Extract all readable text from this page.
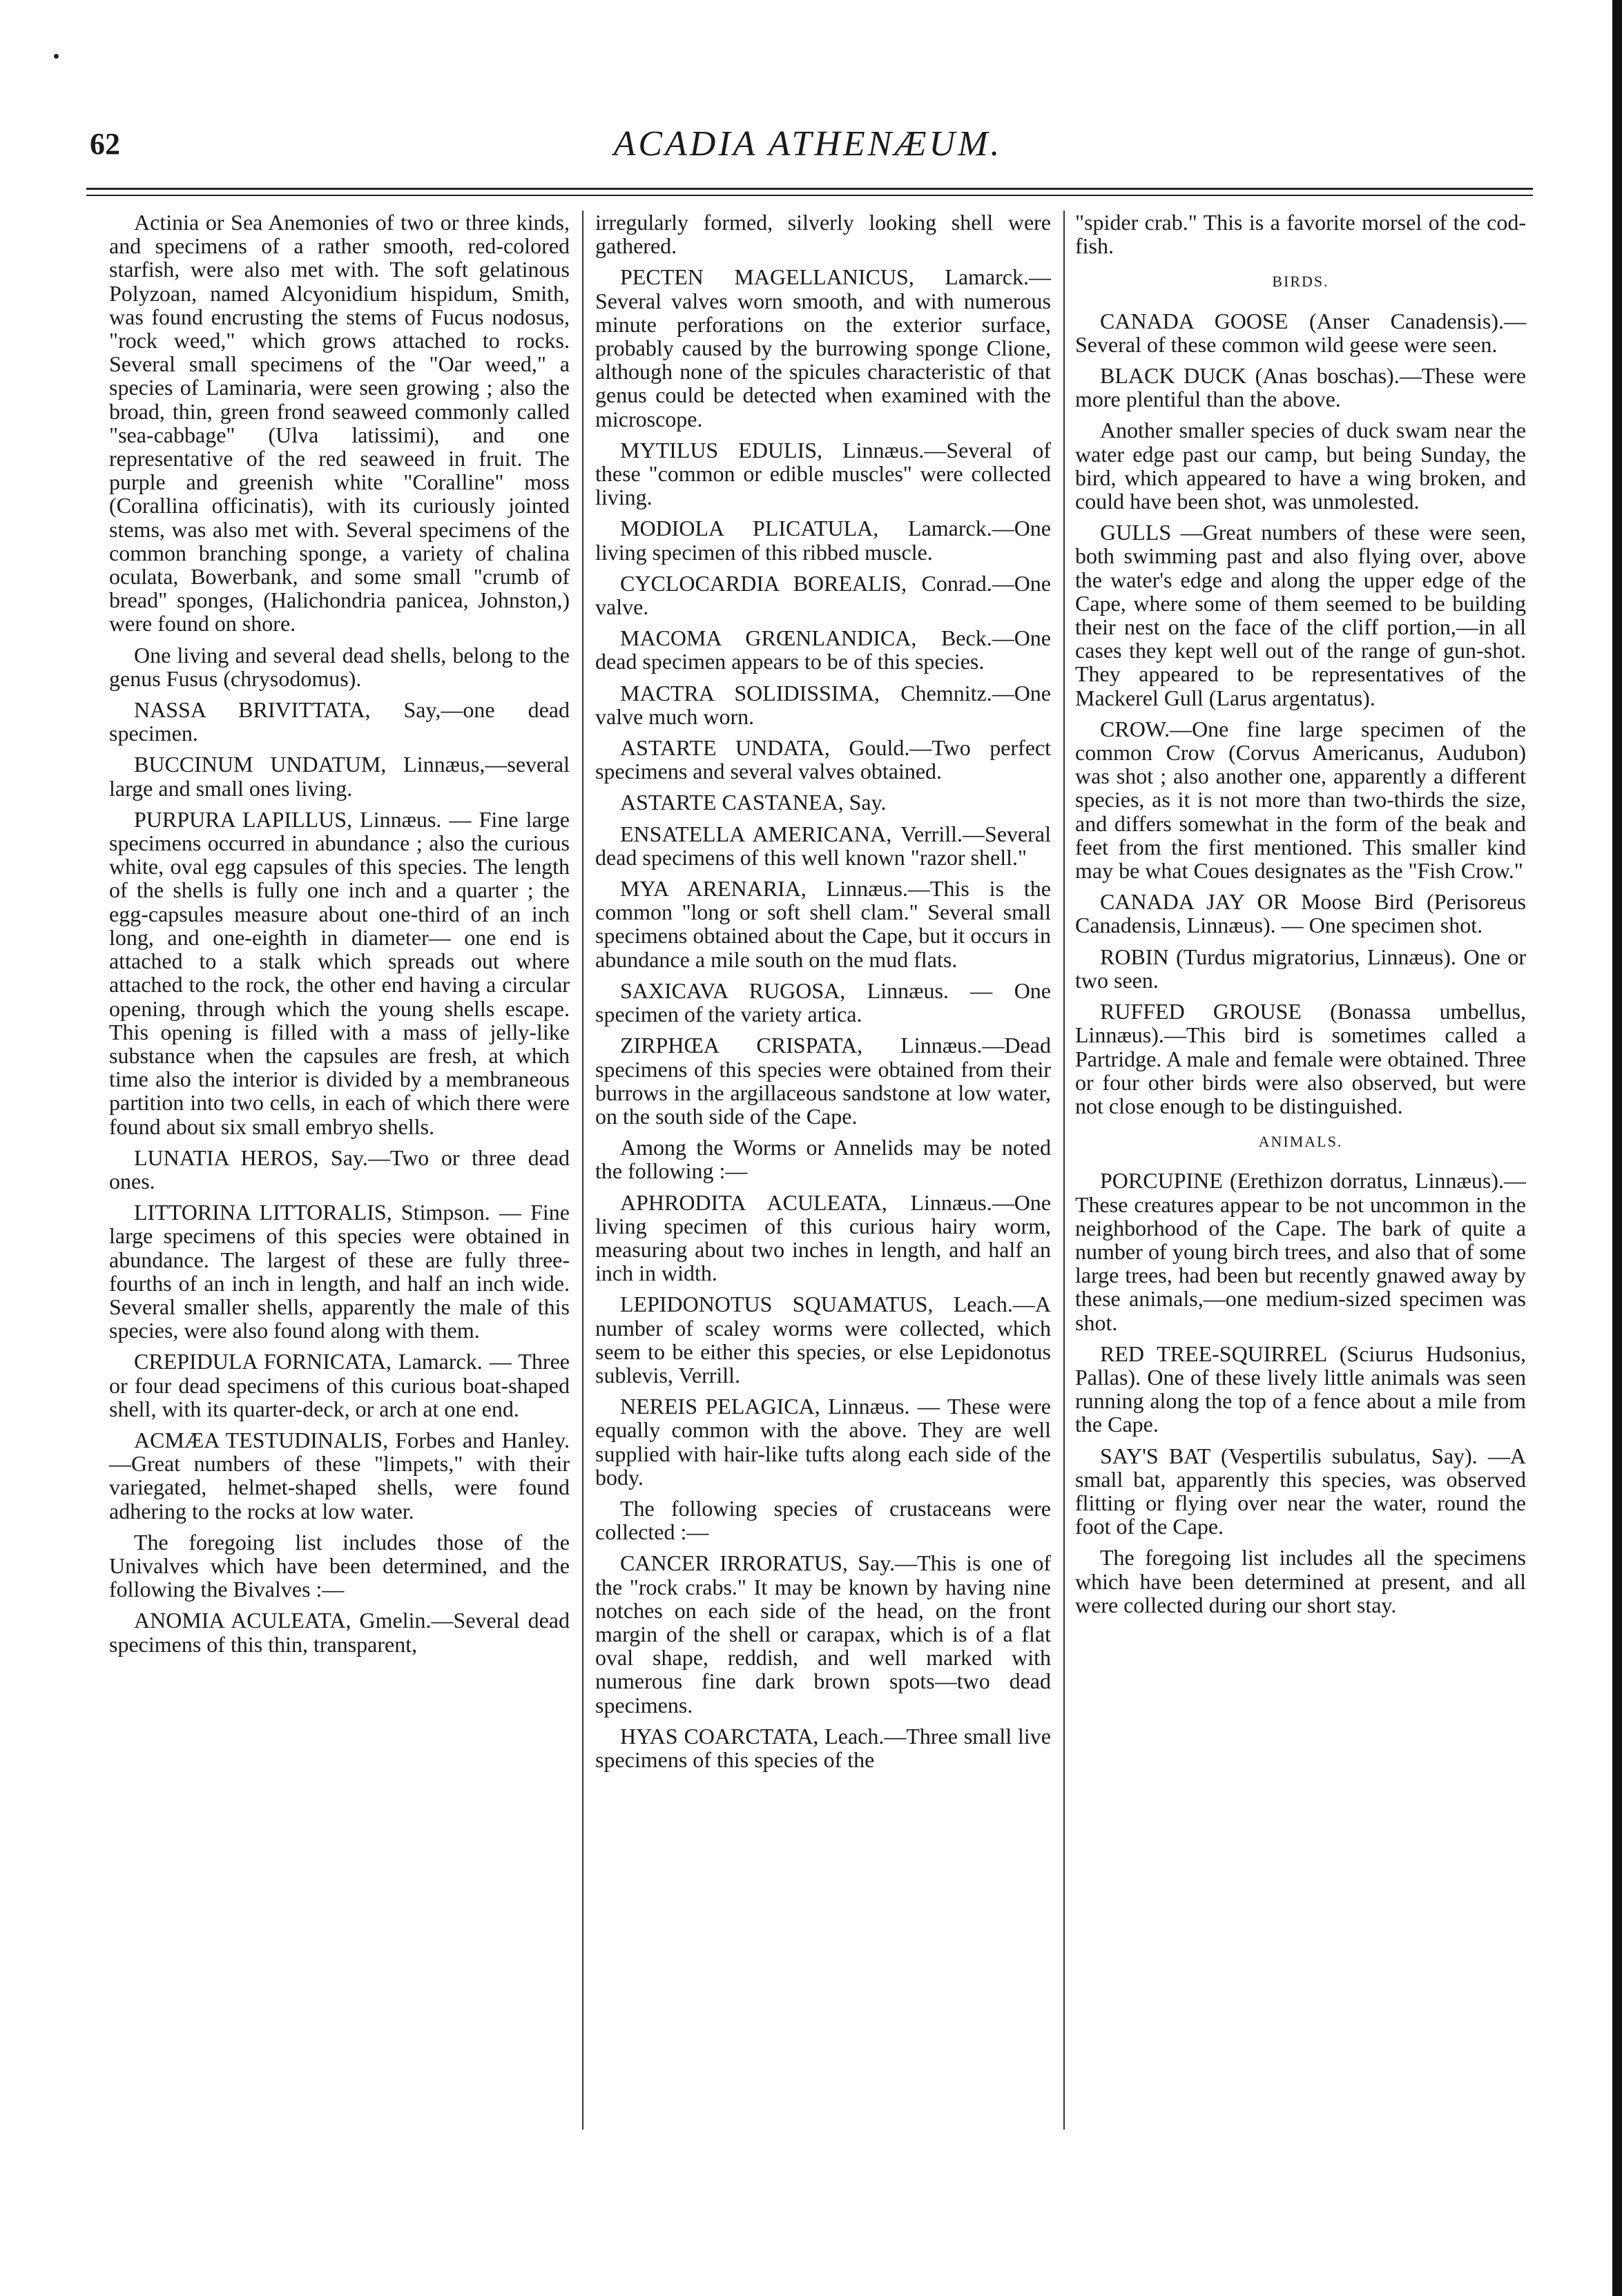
62	ACADIA ATHENÆUM.

Actinia or Sea Anemonies of two or three kinds, and specimens of a rather smooth, red-colored starfish, were also met with. The soft gelatinous Polyzoan, named Alcyonidium hispidum, Smith, was found encrusting the stems of Fucus nodosus, "rock weed," which grows attached to rocks. Several small specimens of the "Oar weed," a species of Laminaria, were seen growing ; also the broad, thin, green frond seaweed commonly called "sea-cabbage" (Ulva latissimi), and one representative of the red seaweed in fruit. The purple and greenish white "Coralline" moss (Corallina officinatis), with its curiously jointed stems, was also met with. Several specimens of the common branching sponge, a variety of chalina oculata, Bowerbank, and some small "crumb of bread" sponges, (Halichondria panicea, Johnston,) were found on shore.

One living and several dead shells, belong to the genus Fusus (chrysodomus).

NASSA BRIVITTATA, Say,—one dead specimen.

BUCCINUM UNDATUM, Linnæus,—several large and small ones living.

PURPURA LAPILLUS, Linnæus. — Fine large specimens occurred in abundance ; also the curious white, oval egg capsules of this species. The length of the shells is fully one inch and a quarter ; the egg-capsules measure about one-third of an inch long, and one-eighth in diameter— one end is attached to a stalk which spreads out where attached to the rock, the other end having a circular opening, through which the young shells escape. This opening is filled with a mass of jelly-like substance when the capsules are fresh, at which time also the interior is divided by a membraneous partition into two cells, in each of which there were found about six small embryo shells.

LUNATIA HEROS, Say.—Two or three dead ones.

LITTORINA LITTORALIS, Stimpson. — Fine large specimens of this species were obtained in abundance. The largest of these are fully three-fourths of an inch in length, and half an inch wide. Several smaller shells, apparently the male of this species, were also found along with them.

CREPIDULA FORNICATA, Lamarck. — Three or four dead specimens of this curious boat-shaped shell, with its quarter-deck, or arch at one end.

ACMÆA TESTUDINALIS, Forbes and Hanley.—Great numbers of these "limpets," with their variegated, helmet-shaped shells, were found adhering to the rocks at low water.

The foregoing list includes those of the Univalves which have been determined, and the following the Bivalves :—

ANOMIA ACULEATA, Gmelin.—Several dead specimens of this thin, transparent,

irregularly formed, silverly looking shell were gathered.

PECTEN MAGELLANICUS, Lamarck.—Several valves worn smooth, and with numerous minute perforations on the exterior surface, probably caused by the burrowing sponge Clione, although none of the spicules characteristic of that genus could be detected when examined with the microscope.

MYTILUS EDULIS, Linnæus.—Several of these "common or edible muscles" were collected living.

MODIOLA PLICATULA, Lamarck.—One living specimen of this ribbed muscle.

CYCLOCARDIA BOREALIS, Conrad.—One valve.

MACOMA GRŒNLANDICA, Beck.—One dead specimen appears to be of this species.

MACTRA SOLIDISSIMA, Chemnitz.—One valve much worn.

ASTARTE UNDATA, Gould.—Two perfect specimens and several valves obtained.

ASTARTE CASTANEA, Say.

ENSATELLA AMERICANA, Verrill.—Several dead specimens of this well known "razor shell."

MYA ARENARIA, Linnæus.—This is the common "long or soft shell clam." Several small specimens obtained about the Cape, but it occurs in abundance a mile south on the mud flats.

SAXICAVA RUGOSA, Linnæus. — One specimen of the variety artica.

ZIRPHŒA CRISPATA, Linnæus.—Dead specimens of this species were obtained from their burrows in the argillaceous sandstone at low water, on the south side of the Cape.

Among the Worms or Annelids may be noted the following :—

APHRODITA ACULEATA, Linnæus.—One living specimen of this curious hairy worm, measuring about two inches in length, and half an inch in width.

LEPIDONOTUS SQUAMATUS, Leach.—A number of scaley worms were collected, which seem to be either this species, or else Lepidonotus sublevis, Verrill.

NEREIS PELAGICA, Linnæus. — These were equally common with the above. They are well supplied with hair-like tufts along each side of the body.

The following species of crustaceans were collected :—

CANCER IRRORATUS, Say.—This is one of the "rock crabs." It may be known by having nine notches on each side of the head, on the front margin of the shell or carapax, which is of a flat oval shape, reddish, and well marked with numerous fine dark brown spots—two dead specimens.

HYAS COARCTATA, Leach.—Three small live specimens of this species of the

"spider crab." This is a favorite morsel of the cod-fish.

BIRDS.

CANADA GOOSE (Anser Canadensis).— Several of these common wild geese were seen.

BLACK DUCK (Anas boschas).—These were more plentiful than the above.

Another smaller species of duck swam near the water edge past our camp, but being Sunday, the bird, which appeared to have a wing broken, and could have been shot, was unmolested.

GULLS —Great numbers of these were seen, both swimming past and also flying over, above the water's edge and along the upper edge of the Cape, where some of them seemed to be building their nest on the face of the cliff portion,—in all cases they kept well out of the range of gun-shot. They appeared to be representatives of the Mackerel Gull (Larus argentatus).

CROW.—One fine large specimen of the common Crow (Corvus Americanus, Audubon) was shot ; also another one, apparently a different species, as it is not more than two-thirds the size, and differs somewhat in the form of the beak and feet from the first mentioned. This smaller kind may be what Coues designates as the "Fish Crow."

CANADA JAY OR Moose Bird (Perisoreus Canadensis, Linnæus). — One specimen shot.

ROBIN (Turdus migratorius, Linnæus). One or two seen.

RUFFED GROUSE (Bonassa umbellus, Linnæus).—This bird is sometimes called a Partridge. A male and female were obtained. Three or four other birds were also observed, but were not close enough to be distinguished.

ANIMALS.

PORCUPINE (Erethizon dorratus, Linnæus).—These creatures appear to be not uncommon in the neighborhood of the Cape. The bark of quite a number of young birch trees, and also that of some large trees, had been but recently gnawed away by these animals,—one medium-sized specimen was shot.

RED TREE-SQUIRREL (Sciurus Hudsonius, Pallas). One of these lively little animals was seen running along the top of a fence about a mile from the Cape.

SAY'S BAT (Vespertilis subulatus, Say). —A small bat, apparently this species, was observed flitting or flying over near the water, round the foot of the Cape.

The foregoing list includes all the specimens which have been determined at present, and all were collected during our short stay.
